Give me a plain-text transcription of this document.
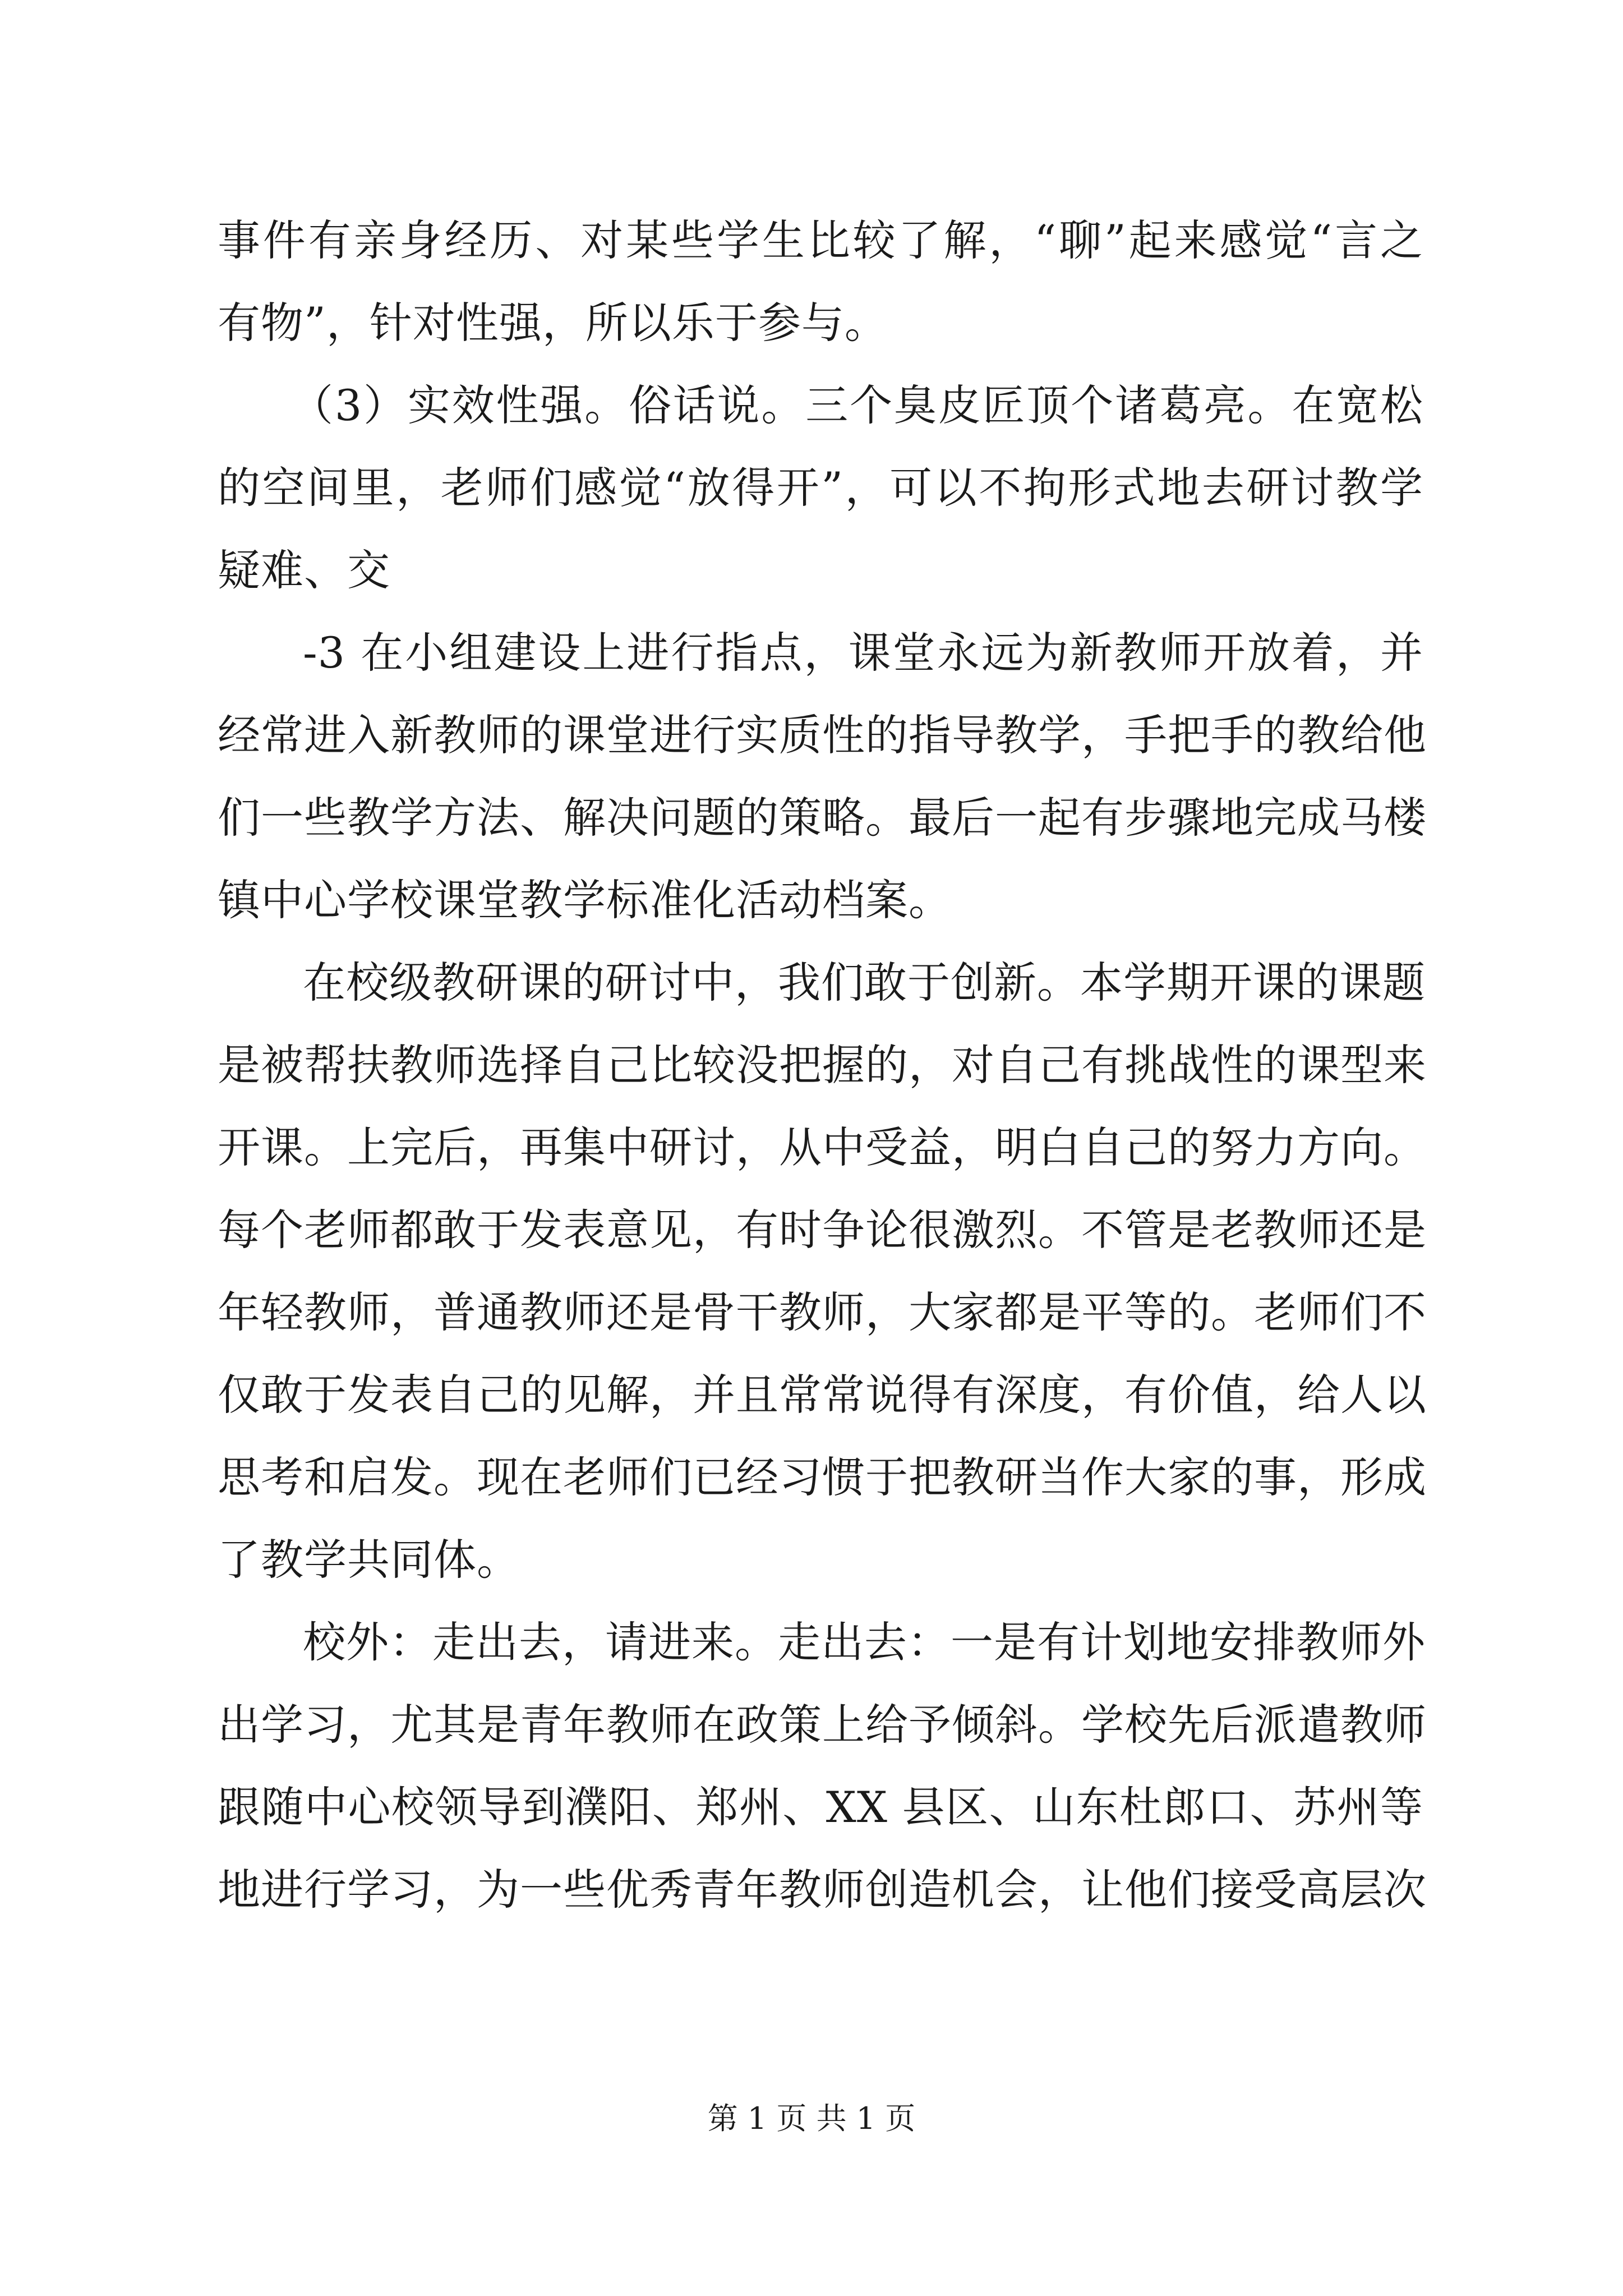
事件有亲身经历、对某些学生比较了解，“聊”起来感觉“言之
有物”，针对性强，所以乐于参与。
（3）实效性强。俗话说。三个臭皮匠顶个诸葛亮。在宽松
的空间里，老师们感觉“放得开”，可以不拘形式地去研讨教学
疑难、交
-3 在小组建设上进行指点，课堂永远为新教师开放着，并
经常进入新教师的课堂进行实质性的指导教学，手把手的教给他
们一些教学方法、解决问题的策略。最后一起有步骤地完成马楼
镇中心学校课堂教学标准化活动档案。
在校级教研课的研讨中，我们敢于创新。本学期开课的课题
是被帮扶教师选择自己比较没把握的，对自己有挑战性的课型来
开课。上完后，再集中研讨，从中受益，明白自己的努力方向。
每个老师都敢于发表意见，有时争论很激烈。不管是老教师还是
年轻教师，普通教师还是骨干教师，大家都是平等的。老师们不
仅敢于发表自己的见解，并且常常说得有深度，有价值，给人以
思考和启发。现在老师们已经习惯于把教研当作大家的事，形成
了教学共同体。
校外：走出去，请进来。走出去：一是有计划地安排教师外
出学习，尤其是青年教师在政策上给予倾斜。学校先后派遣教师
跟随中心校领导到濮阳、郑州、XX 县区、山东杜郎口、苏州等
地进行学习，为一些优秀青年教师创造机会，让他们接受高层次
第 1 页 共 1 页
